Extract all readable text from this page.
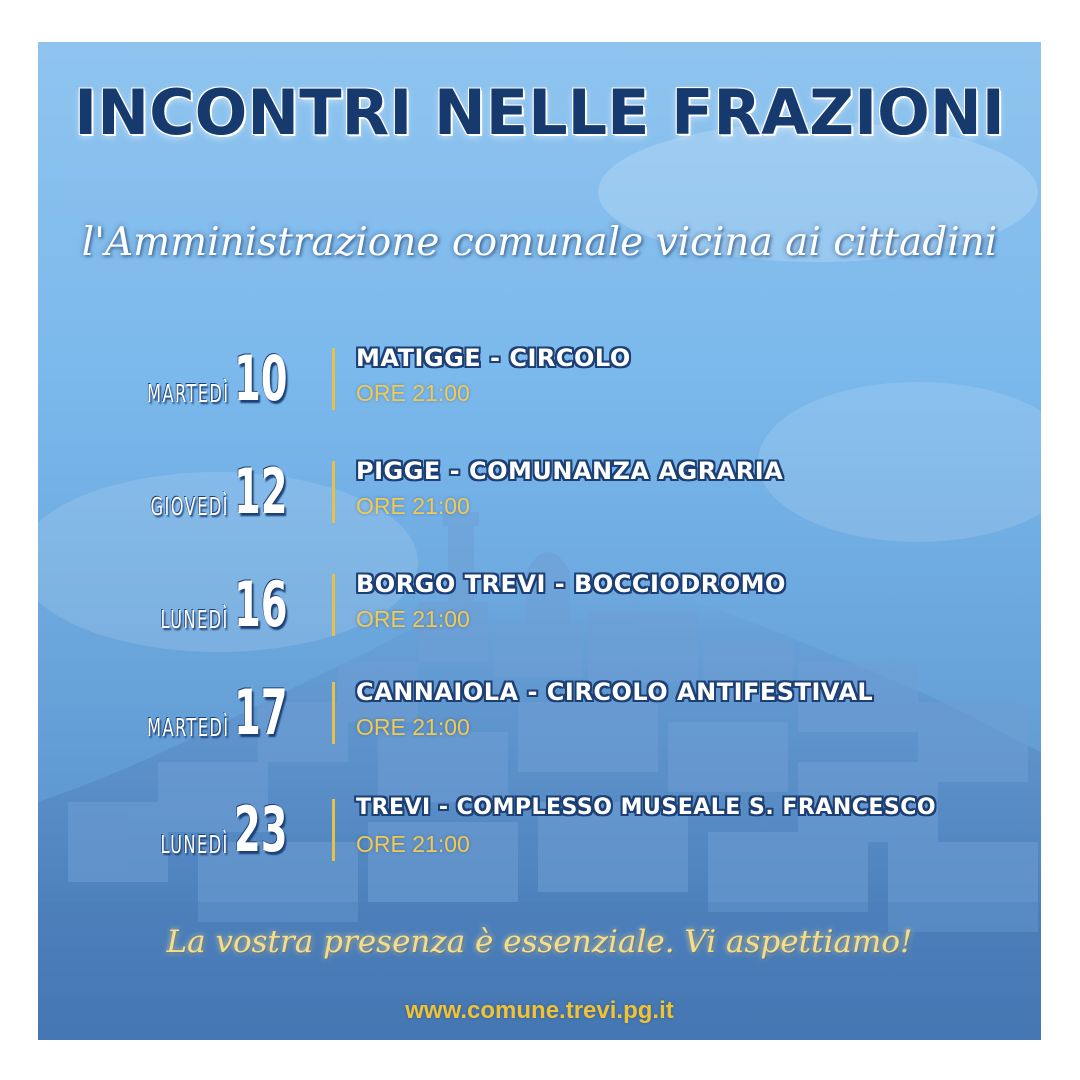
INCONTRI NELLE FRAZIONI
l'Amministrazione comunale vicina ai cittadini
MARTEDÌ 10	MATIGGE - CIRCOLO
ORE 21:00
GIOVEDÌ 12	PIGGE - COMUNANZA AGRARIA
ORE 21:00
LUNEDÌ 16	BORGO TREVI - BOCCIODROMO
ORE 21:00
MARTEDÌ 17	CANNAIOLA - CIRCOLO ANTIFESTIVAL
ORE 21:00
LUNEDÌ 23	TREVI - COMPLESSO MUSEALE S. FRANCESCO
ORE 21:00
La vostra presenza è essenziale. Vi aspettiamo!
www.comune.trevi.pg.it
